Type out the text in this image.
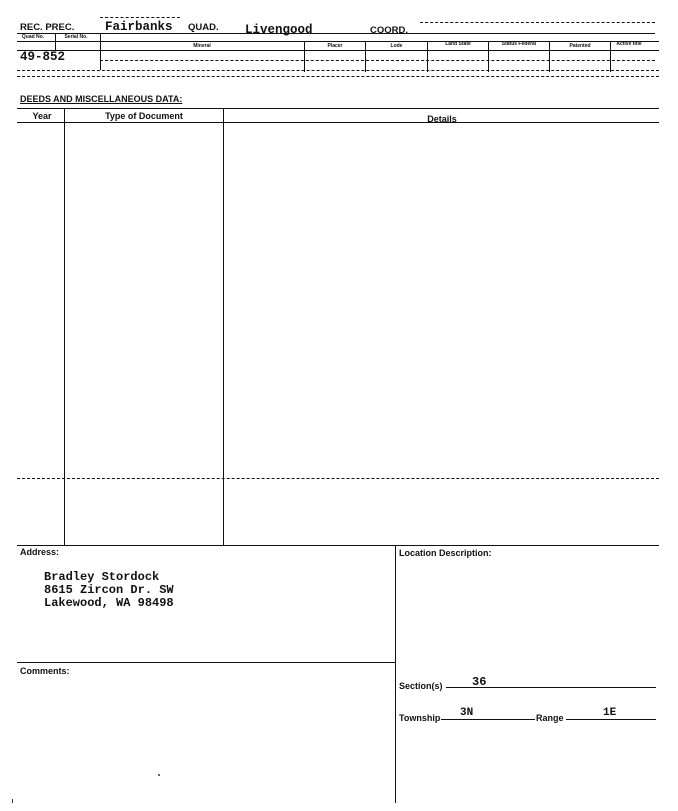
REC. PREC. Fairbanks QUAD. Livengood	COORD.
Quad No.	Serial No.
Mineral	Placer	Lode	Land State	Status Federal	Patented	Active title
49-852
DEEDS AND MISCELLANEOUS DATA:
Year	Type of Document	Details
Address:	Location Description:
Bradley Stordock
8615 Zircon Dr. SW
Lakewood, WA 98498
Comments:
Section(s) 36
Township 3N	Range	1E
